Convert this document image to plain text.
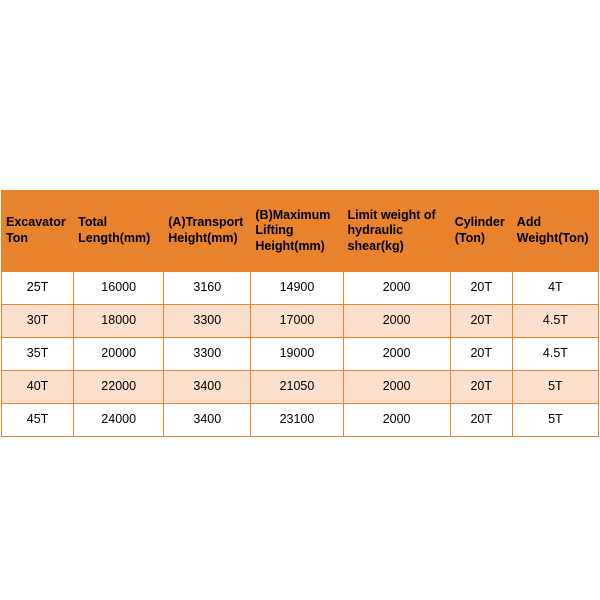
Excavator Ton	Total Length(mm)	(A)Transport Height(mm)	(B)Maximum Lifting Height(mm)	Limit weight of hydraulic shear(kg)	Cylinder (Ton)	Add Weight(Ton)
25T	16000	3160	14900	2000	20T	4T
30T	18000	3300	17000	2000	20T	4.5T
35T	20000	3300	19000	2000	20T	4.5T
40T	22000	3400	21050	2000	20T	5T
45T	24000	3400	23100	2000	20T	5T
